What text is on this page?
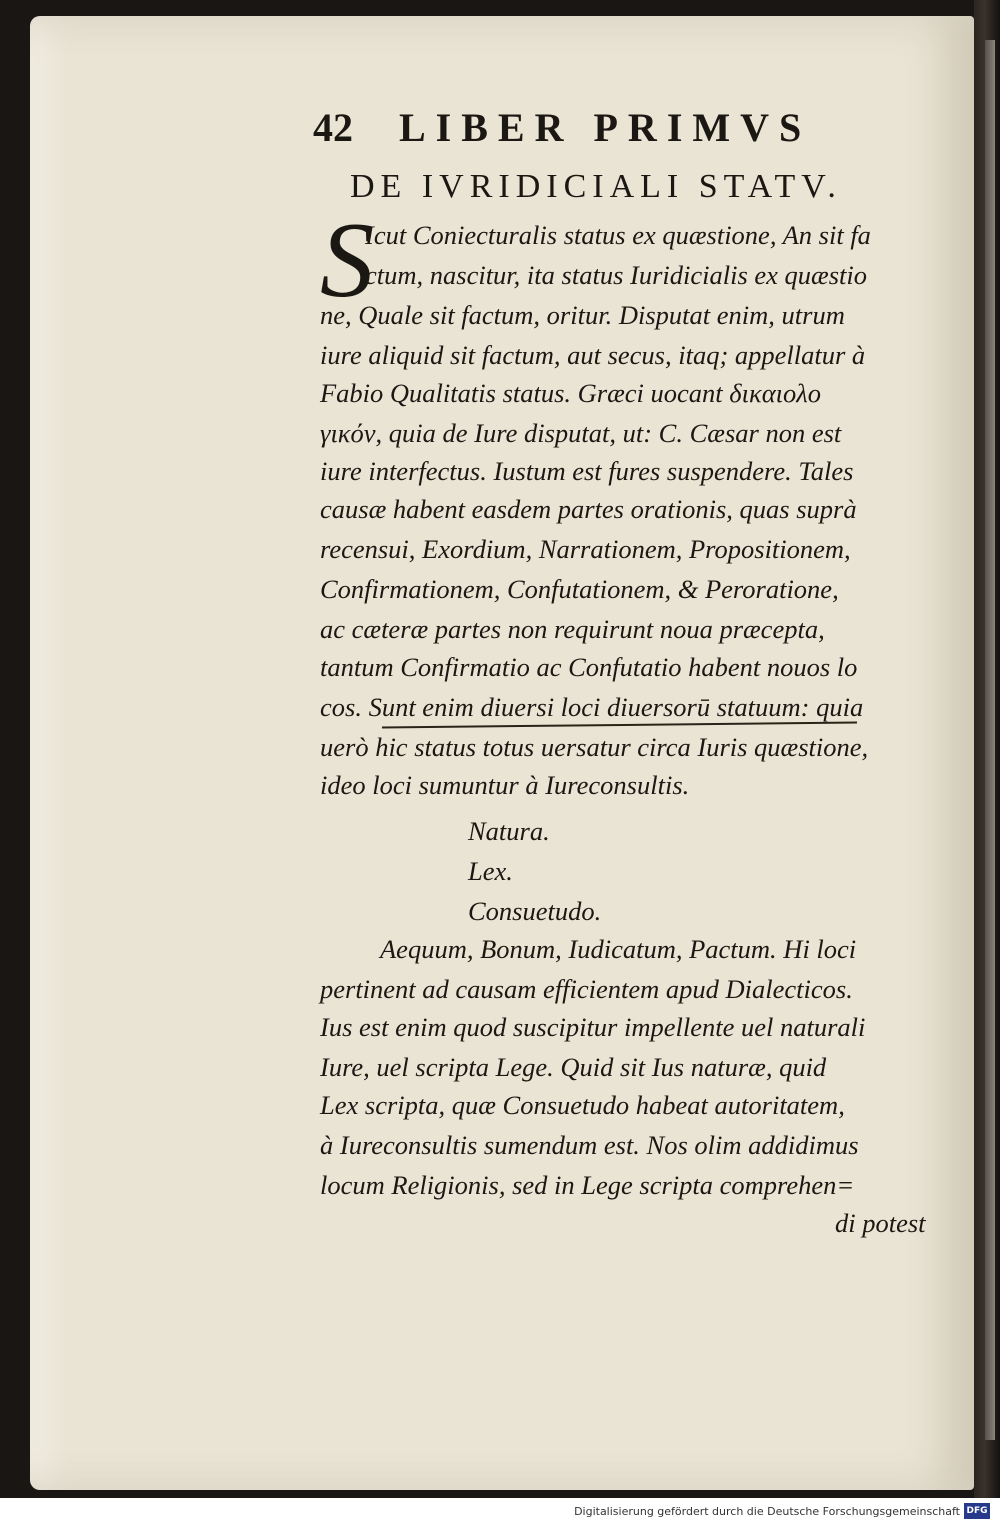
42 LIBER PRIMVS
DE IVRIDICIALI STATV.
S
Icut Coniecturalis status ex quæstione, An sit fa
ctum, nascitur, ita status Iuridicialis ex quæstio
ne, Quale sit factum, oritur. Disputat enim, utrum
iure aliquid sit factum, aut secus, itaq; appellatur à
Fabio Qualitatis status. Græci uocant δικαιολο
γικόν, quia de Iure disputat, ut: C. Cæsar non est
iure interfectus. Iustum est fures suspendere. Tales
causæ habent easdem partes orationis, quas suprà
recensui, Exordium, Narrationem, Propositionem,
Confirmationem, Confutationem, & Peroratione,
ac cæteræ partes non requirunt noua præcepta,
tantum Confirmatio ac Confutatio habent nouos lo
cos. Sunt enim diuersi loci diuersorū statuum: quia
uerò hic status totus uersatur circa Iuris quæstione,
ideo loci sumuntur à Iureconsultis.
Natura.
Lex.
Consuetudo.
Aequum, Bonum, Iudicatum, Pactum. Hi loci
pertinent ad causam efficientem apud Dialecticos.
Ius est enim quod suscipitur impellente uel naturali
Iure, uel scripta Lege. Quid sit Ius naturæ, quid
Lex scripta, quæ Consuetudo habeat autoritatem,
à Iureconsultis sumendum est. Nos olim addidimus
locum Religionis, sed in Lege scripta comprehen=
di potest
Digitalisierung gefördert durch die Deutsche Forschungsgemeinschaft DFG
